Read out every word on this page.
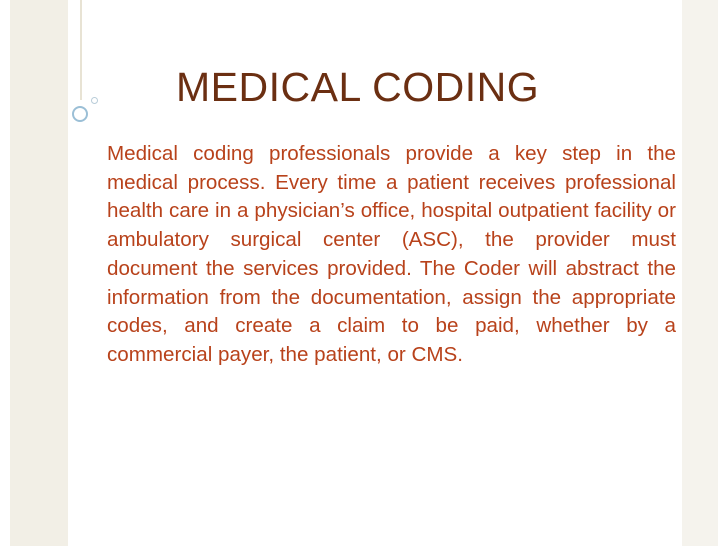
MEDICAL CODING

Medical coding professionals provide a key step in the medical process. Every time a patient receives professional health care in a physician’s office, hospital outpatient facility or ambulatory surgical center (ASC), the provider must document the services provided. The Coder will abstract the information from the documentation, assign the appropriate codes, and create a claim to be paid, whether by a commercial payer, the patient, or CMS.
